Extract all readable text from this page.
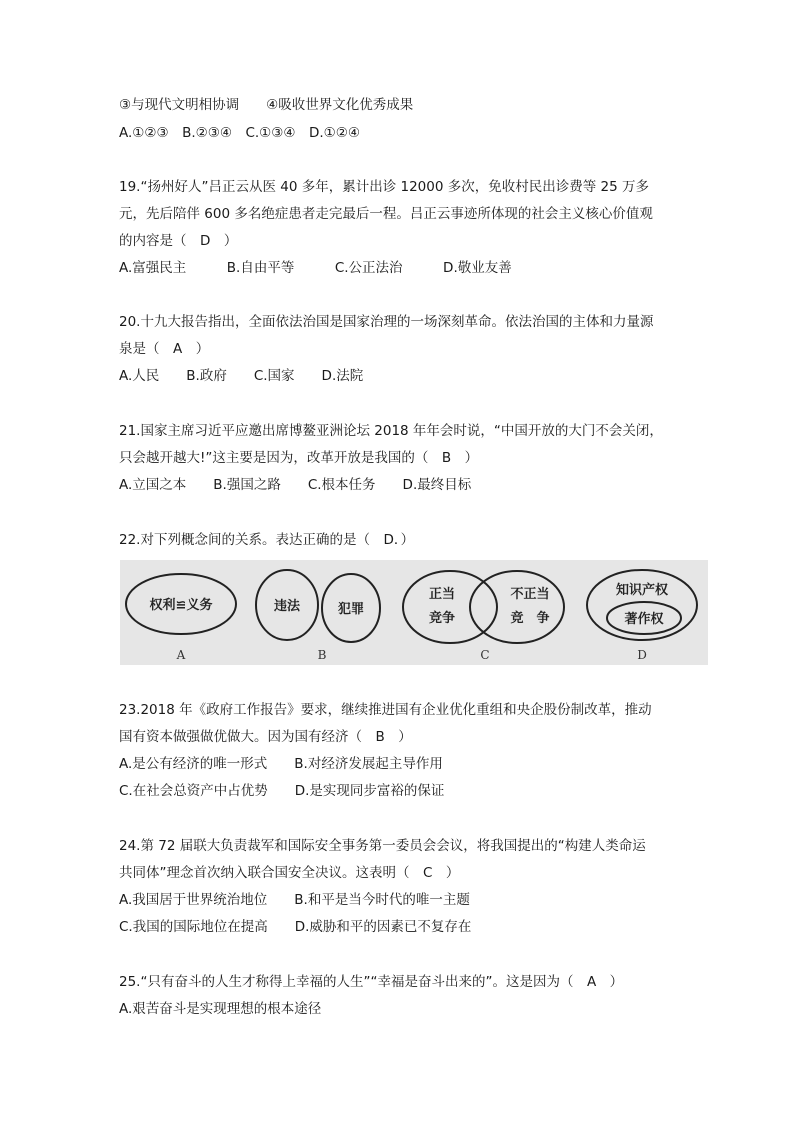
③与现代文明相协调　　④吸收世界文化优秀成果
A.①②③　B.②③④　C.①③④　D.①②④
19.“扬州好人”吕正云从医 40 多年，累计出诊 12000 多次，免收村民出诊费等 25 万多
元，先后陪伴 600 多名绝症患者走完最后一程。吕正云事迹所体现的社会主义核心价值观
的内容是（　D　）
A.富强民主　　　B.自由平等　　　C.公正法治　　　D.敬业友善
20.十九大报告指出，全面依法治国是国家治理的一场深刻革命。依法治国的主体和力量源
泉是（　A　）
A.人民　　B.政府　　C.国家　　D.法院
21.国家主席习近平应邀出席博鳌亚洲论坛 2018 年年会时说，“中国开放的大门不会关闭，
只会越开越大!”这主要是因为，改革开放是我国的（　B　）
A.立国之本　　B.强国之路　　C.根本任务　　D.最终目标
22.对下列概念间的关系。表达正确的是（　D．）
权利≌义务
A
违法	犯罪
B
正当
竞争
不正当
竞　争
C
知识产权
著作权
D
23.2018 年《政府工作报告》要求，继续推进国有企业优化重组和央企股份制改革，推动
国有资本做强做优做大。因为国有经济（　B　）
A.是公有经济的唯一形式　　B.对经济发展起主导作用
C.在社会总资产中占优势　　D.是实现同步富裕的保证
24.第 72 届联大负责裁军和国际安全事务第一委员会会议，将我国提出的“构建人类命运
共同体”理念首次纳入联合国安全决议。这表明（　C　）
A.我国居于世界统治地位　　B.和平是当今时代的唯一主题
C.我国的国际地位在提高　　D.威胁和平的因素已不复存在
25.“只有奋斗的人生才称得上幸福的人生”“幸福是奋斗出来的”。这是因为（　A　）
A.艰苦奋斗是实现理想的根本途径
